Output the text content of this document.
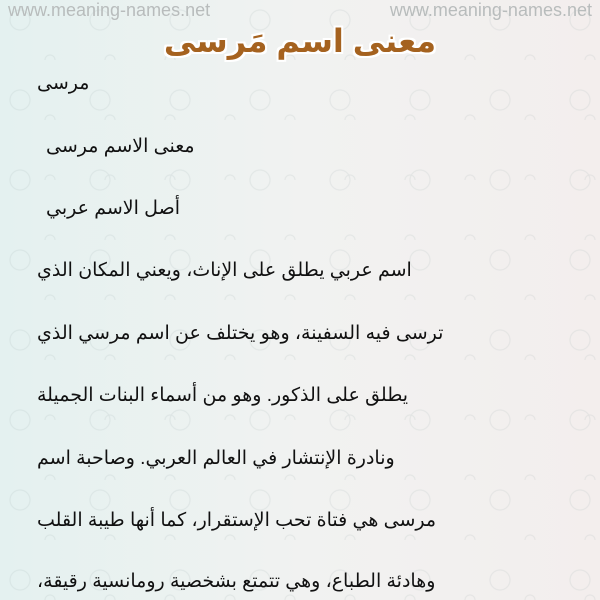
www.meaning-names.net	www.meaning-names.net
معنى اسم مَرسى
مرسى
معنى الاسم مرسى
أصل الاسم عربي
اسم عربي يطلق على الإناث، ويعني المكان الذي
ترسى فيه السفينة، وهو يختلف عن اسم مرسي الذي
يطلق على الذكور. وهو من أسماء البنات الجميلة
ونادرة الإنتشار في العالم العربي. وصاحبة اسم
مرسى هي فتاة تحب الإستقرار، كما أنها طيبة القلب
وهادئة الطباع، وهي تتمتع بشخصية رومانسية رقيقة،
